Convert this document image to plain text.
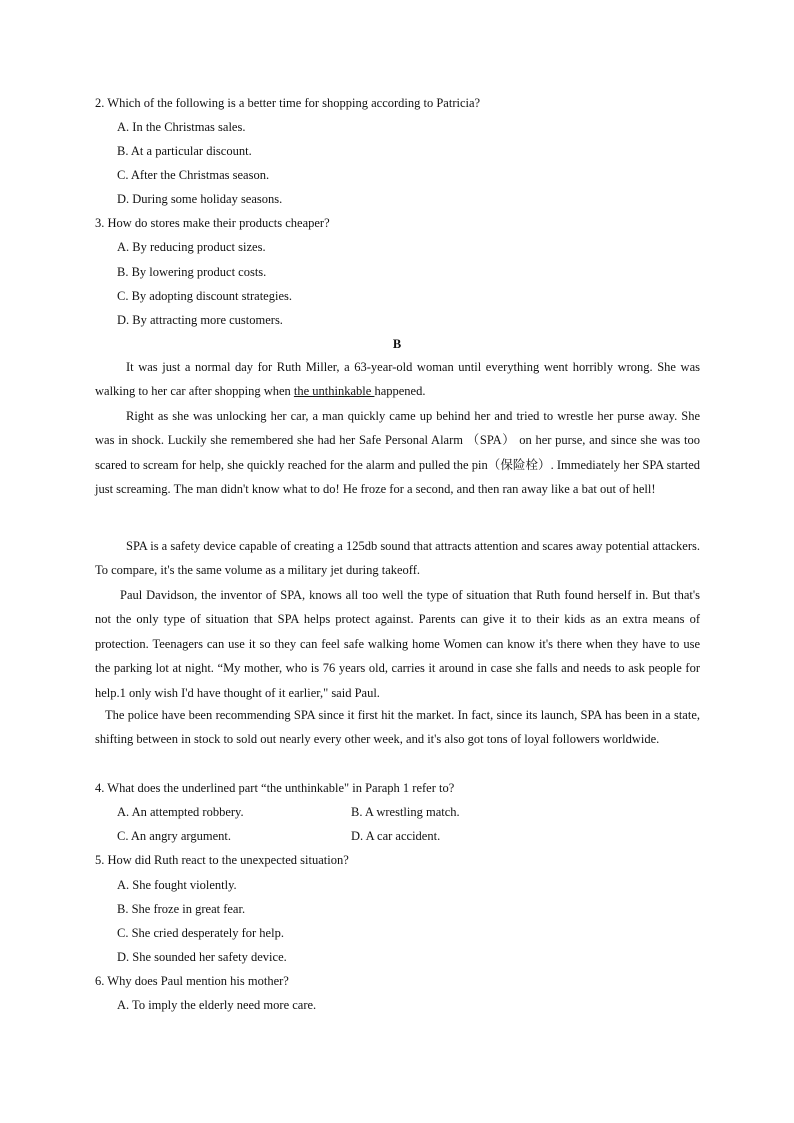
2. Which of the following is a better time for shopping according to Patricia?
A. In the Christmas sales.
B. At a particular discount.
C. After the Christmas season.
D. During some holiday seasons.
3. How do stores make their products cheaper?
A. By reducing product sizes.
B. By lowering product costs.
C. By adopting discount strategies.
D. By attracting more customers.
B
It was just a normal day for Ruth Miller, a 63-year-old woman until everything went horribly wrong. She was walking to her car after shopping when the unthinkable happened.
Right as she was unlocking her car, a man quickly came up behind her and tried to wrestle her purse away. She was in shock. Luckily she remembered she had her Safe Personal Alarm （SPA） on her purse, and since she was too scared to scream for help, she quickly reached for the alarm and pulled the pin（保险栓）. Immediately her SPA started just screaming. The man didn't know what to do! He froze for a second, and then ran away like a bat out of hell!
SPA is a safety device capable of creating a 125db sound that attracts attention and scares away potential attackers. To compare, it's the same volume as a military jet during takeoff.
Paul Davidson, the inventor of SPA, knows all too well the type of situation that Ruth found herself in. But that's not the only type of situation that SPA helps protect against. Parents can give it to their kids as an extra means of protection. Teenagers can use it so they can feel safe walking home Women can know it's there when they have to use the parking lot at night. “My mother, who is 76 years old, carries it around in case she falls and needs to ask people for help.1 only wish I'd have thought of it earlier," said Paul.
The police have been recommending SPA since it first hit the market. In fact, since its launch, SPA has been in a state, shifting between in stock to sold out nearly every other week, and it's also got tons of loyal followers worldwide.
4. What does the underlined part “the unthinkable" in Paraph 1 refer to?
A. An attempted robbery.	B. A wrestling match.
C. An angry argument.	D. A car accident.
5. How did Ruth react to the unexpected situation?
A. She fought violently.
B. She froze in great fear.
C. She cried desperately for help.
D. She sounded her safety device.
6. Why does Paul mention his mother?
A. To imply the elderly need more care.
